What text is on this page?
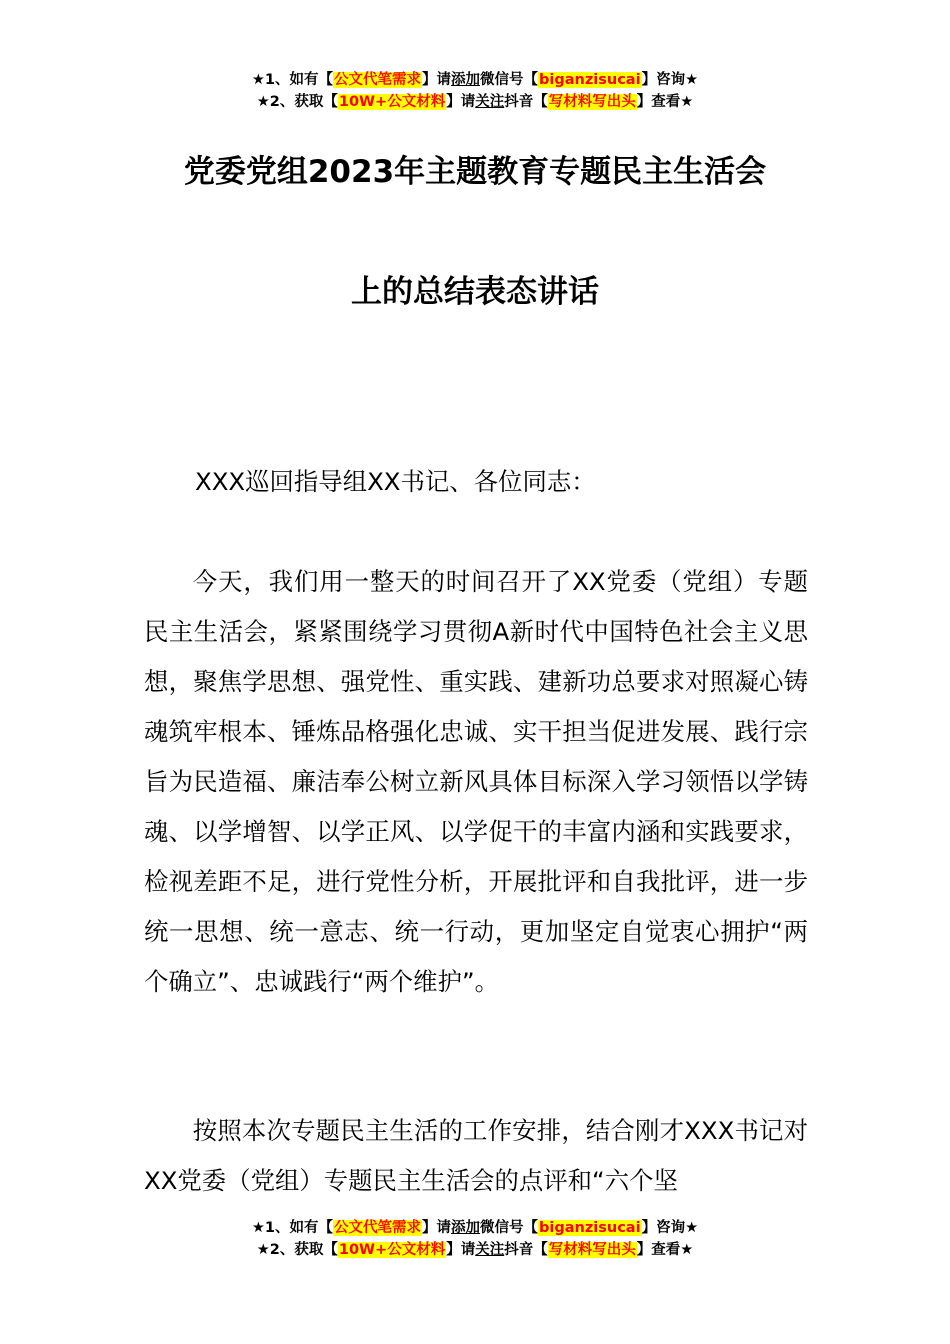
★1、如有【公文代笔需求】请添加微信号【biganzisucai】咨询★
★2、获取【10W+公文材料】请关注抖音【写材料写出头】查看★
党委党组2023年主题教育专题民主生活会
上的总结表态讲话

XXX巡回指导组XX书记、各位同志：

今天，我们用一整天的时间召开了XX党委（党组）专题民主生活会，紧紧围绕学习贯彻A新时代中国特色社会主义思想，聚焦学思想、强党性、重实践、建新功总要求对照凝心铸魂筑牢根本、锤炼品格强化忠诚、实干担当促进发展、践行宗旨为民造福、廉洁奉公树立新风具体目标深入学习领悟以学铸魂、以学增智、以学正风、以学促干的丰富内涵和实践要求，检视差距不足，进行党性分析，开展批评和自我批评，进一步统一思想、统一意志、统一行动，更加坚定自觉衷心拥护“两个确立”、忠诚践行“两个维护”。

按照本次专题民主生活的工作安排，结合刚才XXX书记对XX党委（党组）专题民主生活会的点评和“六个坚

★1、如有【公文代笔需求】请添加微信号【biganzisucai】咨询★
★2、获取【10W+公文材料】请关注抖音【写材料写出头】查看★
